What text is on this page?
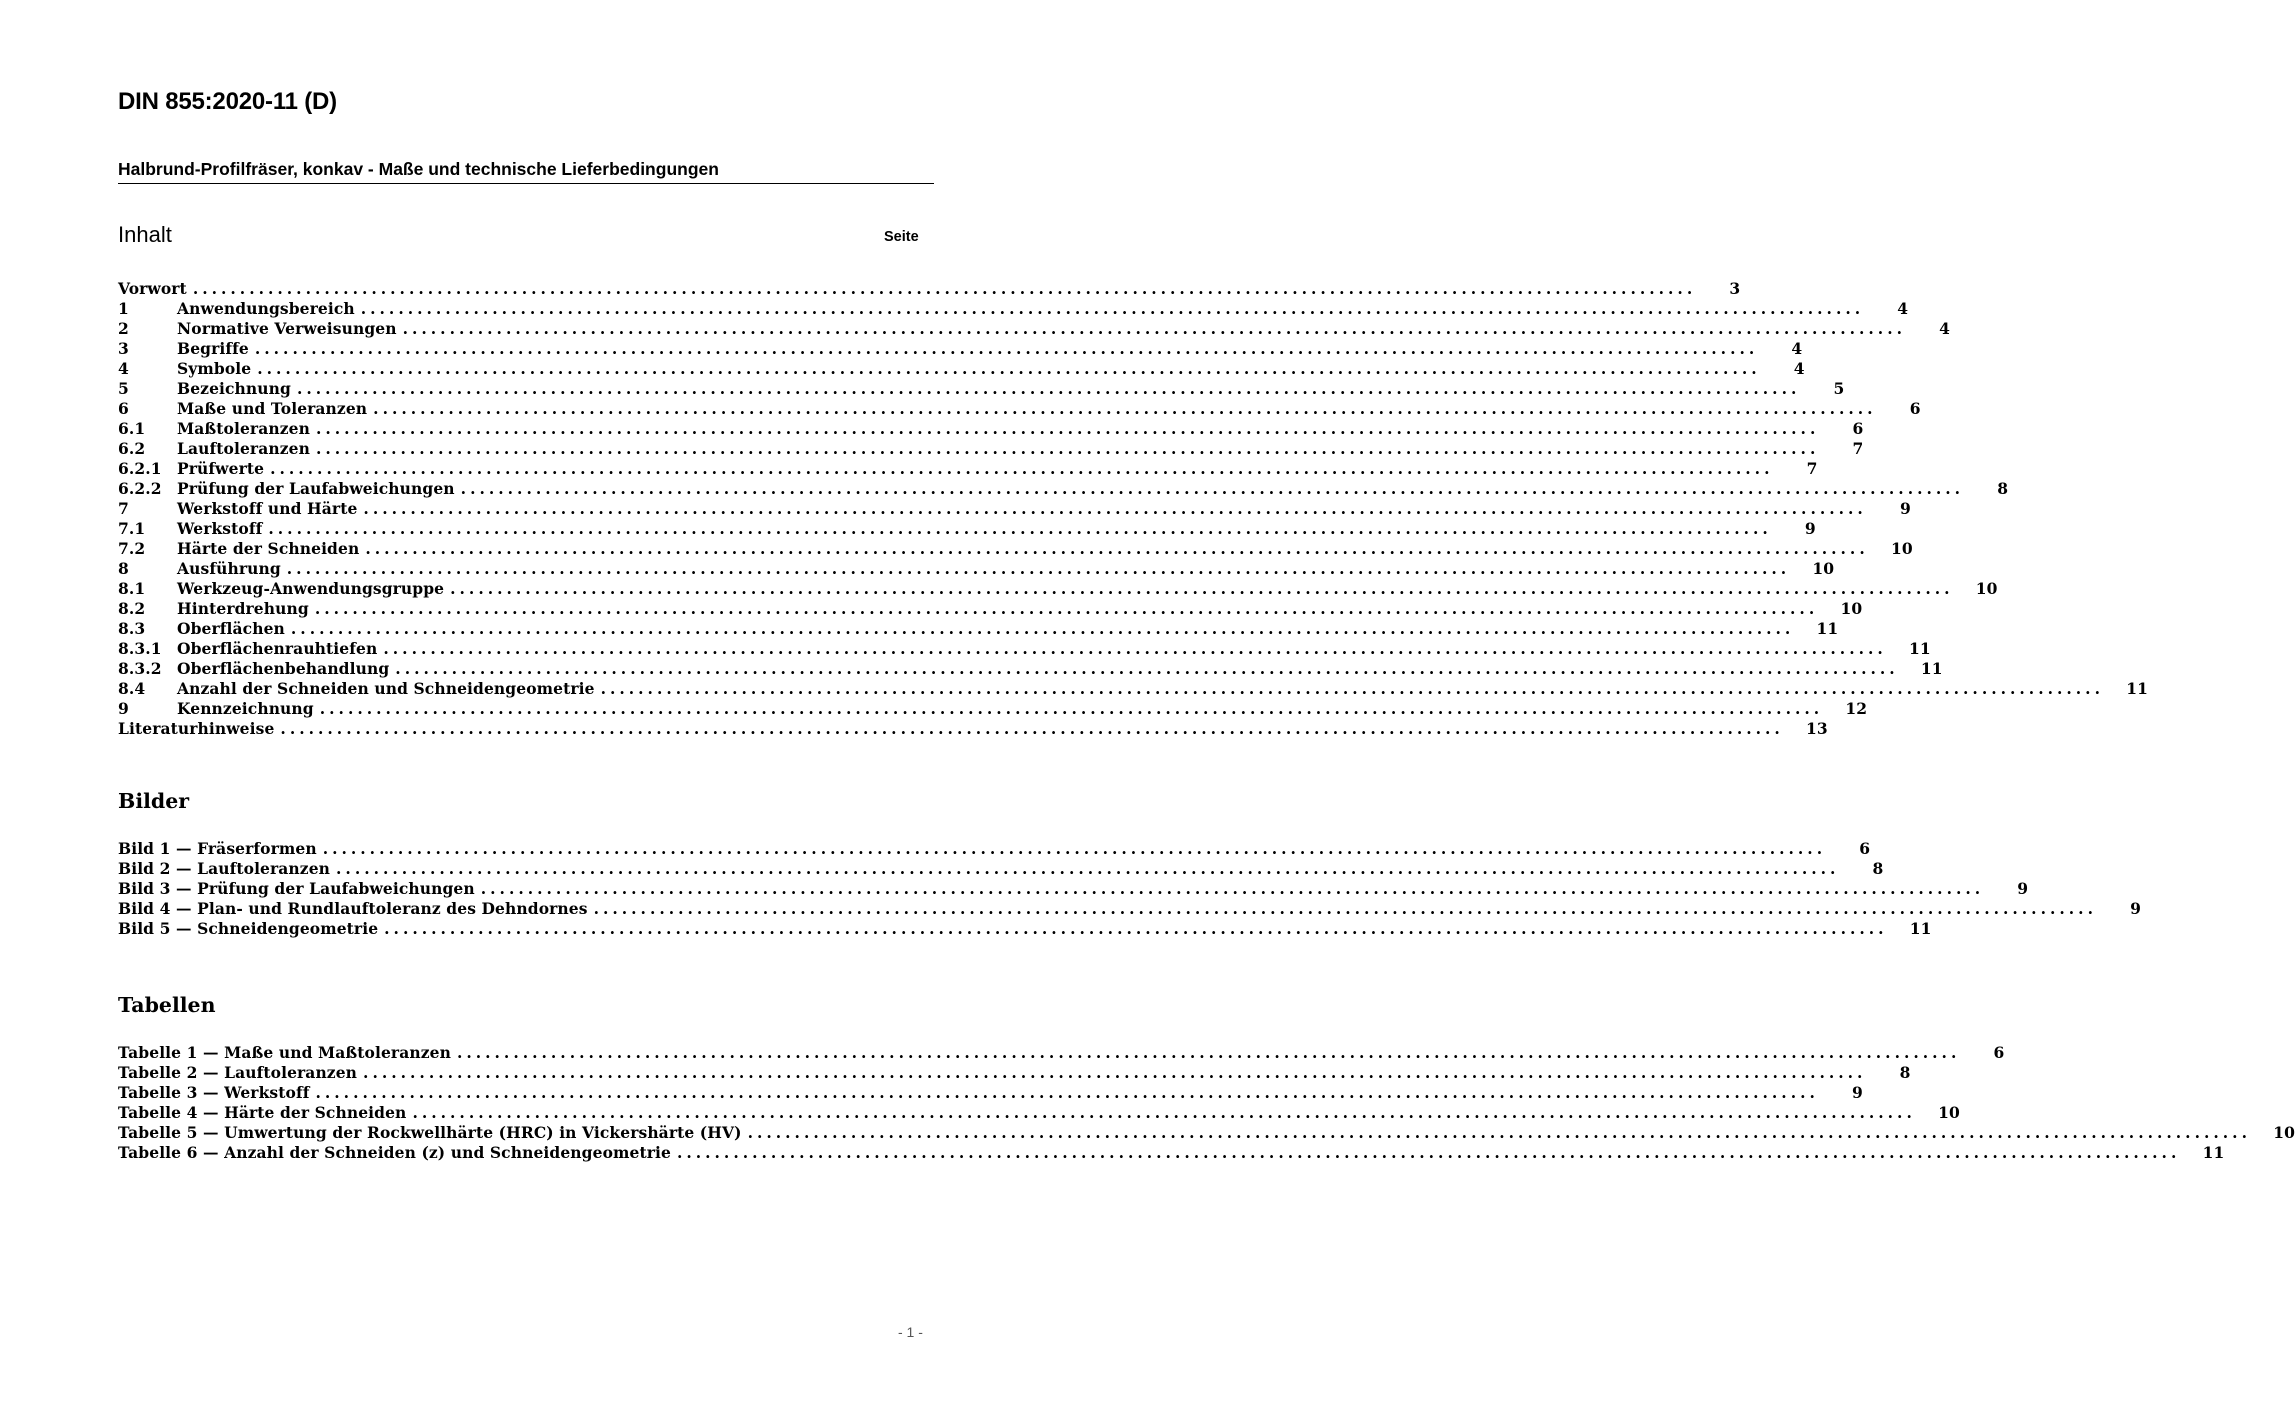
DIN 855:2020-11 (D)
Halbrund-Profilfräser, konkav - Maße und technische Lieferbedingungen
Inhalt	Seite
Vorwort ................................................................................................................................................................	3
1	Anwendungsbereich ................................................................................................................................................................	4
2	Normative Verweisungen ................................................................................................................................................................	4
3	Begriffe ................................................................................................................................................................	4
4	Symbole ................................................................................................................................................................	4
5	Bezeichnung ................................................................................................................................................................	5
6	Maße und Toleranzen ................................................................................................................................................................	6
6.1	Maßtoleranzen ................................................................................................................................................................	6
6.2	Lauftoleranzen ................................................................................................................................................................	7
6.2.1 Prüfwerte ................................................................................................................................................................	7
6.2.2 Prüfung der Laufabweichungen ................................................................................................................................................................	8
7	Werkstoff und Härte ................................................................................................................................................................	9
7.1	Werkstoff ................................................................................................................................................................	9
7.2	Härte der Schneiden ................................................................................................................................................................	10
8	Ausführung ................................................................................................................................................................	10
8.1	Werkzeug-Anwendungsgruppe ................................................................................................................................................................	10
8.2	Hinterdrehung ................................................................................................................................................................	10
8.3	Oberflächen ................................................................................................................................................................	11
8.3.1 Oberflächenrauhtiefen ................................................................................................................................................................	11
8.3.2 Oberflächenbehandlung ................................................................................................................................................................	11
8.4	Anzahl der Schneiden und Schneidengeometrie ................................................................................................................................................................	11
9	Kennzeichnung ................................................................................................................................................................	12
Literaturhinweise ................................................................................................................................................................	13
Bilder
Bild 1 — Fräserformen ................................................................................................................................................................	6
Bild 2 — Lauftoleranzen ................................................................................................................................................................	8
Bild 3 — Prüfung der Laufabweichungen ................................................................................................................................................................	9
Bild 4 — Plan- und Rundlauftoleranz des Dehndornes ................................................................................................................................................................	9
Bild 5 — Schneidengeometrie ................................................................................................................................................................	11
Tabellen
Tabelle 1 — Maße und Maßtoleranzen ................................................................................................................................................................	6
Tabelle 2 — Lauftoleranzen ................................................................................................................................................................	8
Tabelle 3 — Werkstoff ................................................................................................................................................................	9
Tabelle 4 — Härte der Schneiden ................................................................................................................................................................	10
Tabelle 5 — Umwertung der Rockwellhärte (HRC) in Vickershärte (HV) ................................................................................................................................................................	10
Tabelle 6 — Anzahl der Schneiden (z) und Schneidengeometrie ................................................................................................................................................................	11
- 1 -
